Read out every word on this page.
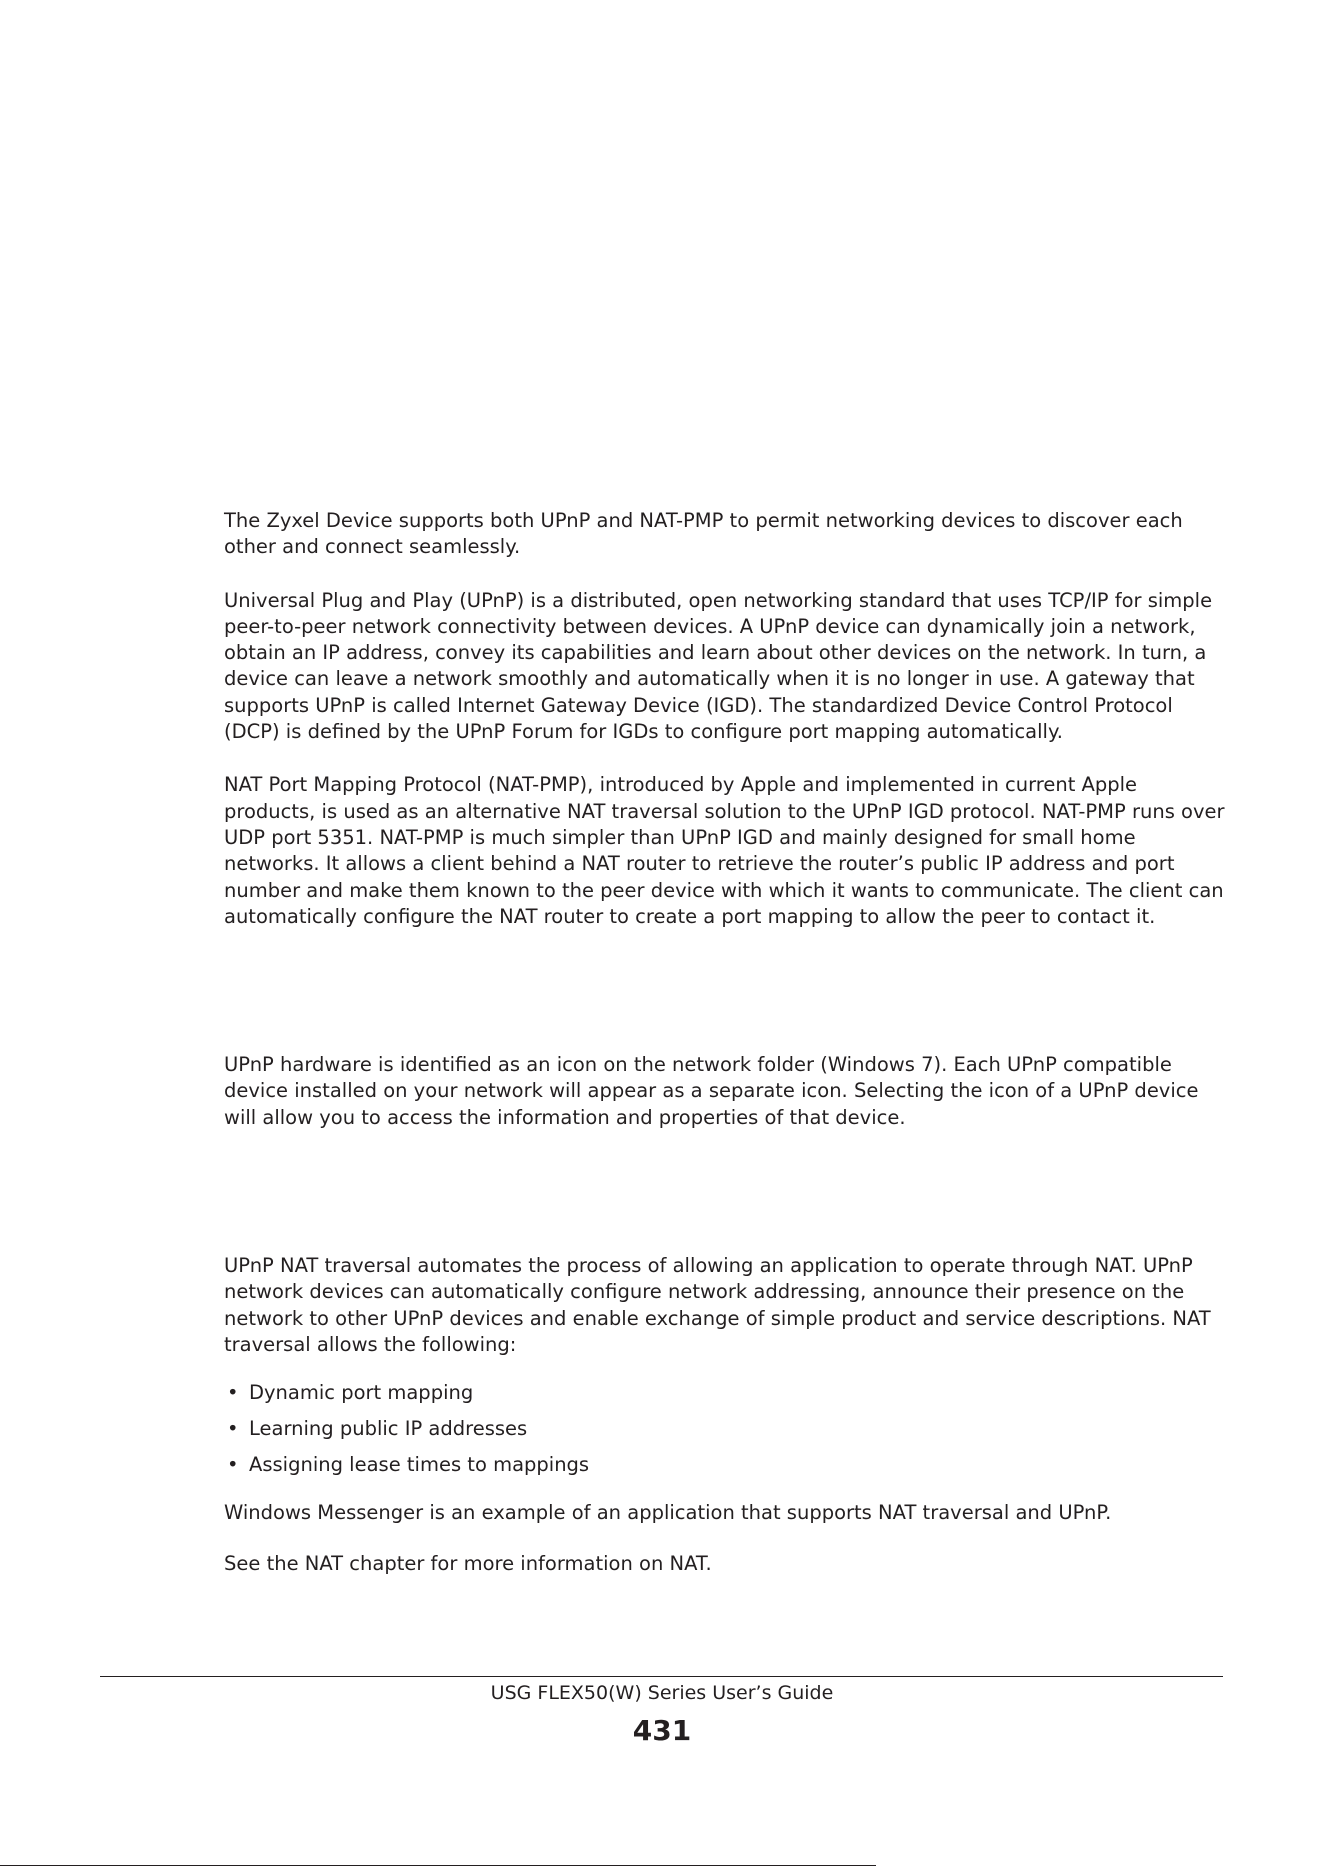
The Zyxel Device supports both UPnP and NAT-PMP to permit networking devices to discover each other and connect seamlessly.

Universal Plug and Play (UPnP) is a distributed, open networking standard that uses TCP/IP for simple peer-to-peer network connectivity between devices. A UPnP device can dynamically join a network, obtain an IP address, convey its capabilities and learn about other devices on the network. In turn, a device can leave a network smoothly and automatically when it is no longer in use. A gateway that supports UPnP is called Internet Gateway Device (IGD). The standardized Device Control Protocol (DCP) is defined by the UPnP Forum for IGDs to configure port mapping automatically.

NAT Port Mapping Protocol (NAT-PMP), introduced by Apple and implemented in current Apple products, is used as an alternative NAT traversal solution to the UPnP IGD protocol. NAT-PMP runs over UDP port 5351. NAT-PMP is much simpler than UPnP IGD and mainly designed for small home networks. It allows a client behind a NAT router to retrieve the router’s public IP address and port number and make them known to the peer device with which it wants to communicate. The client can automatically configure the NAT router to create a port mapping to allow the peer to contact it.

UPnP hardware is identified as an icon on the network folder (Windows 7). Each UPnP compatible device installed on your network will appear as a separate icon. Selecting the icon of a UPnP device will allow you to access the information and properties of that device.

UPnP NAT traversal automates the process of allowing an application to operate through NAT. UPnP network devices can automatically configure network addressing, announce their presence on the network to other UPnP devices and enable exchange of simple product and service descriptions. NAT traversal allows the following:

• Dynamic port mapping
• Learning public IP addresses
• Assigning lease times to mappings

Windows Messenger is an example of an application that supports NAT traversal and UPnP.

See the NAT chapter for more information on NAT.

USG FLEX50(W) Series User’s Guide
431
